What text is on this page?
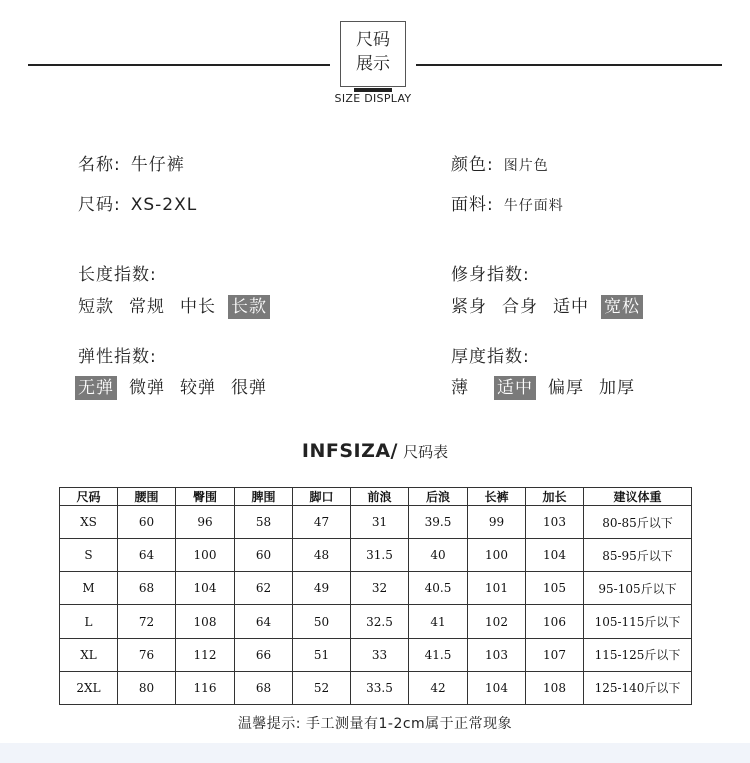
尺码
展示
SIZE DISPLAY
名称: 牛仔裤
尺码: XS-2XL
颜色: 图片色
面料: 牛仔面料
长度指数:
短款 常规 中长 长款
修身指数:
紧身 合身 适中 宽松
弹性指数:
无弹 微弹 较弹 很弹
厚度指数:
薄 适中 偏厚 加厚
INFSIZA/ 尺码表
尺码	腰围	臀围	脾围	脚口	前浪	后浪	长裤	加长	建议体重
XS	60	96	58	47	31	39.5	99	103	80-85斤以下
S	64	100	60	48	31.5	40	100	104	85-95斤以下
M	68	104	62	49	32	40.5	101	105	95-105斤以下
L	72	108	64	50	32.5	41	102	106	105-115斤以下
XL	76	112	66	51	33	41.5	103	107	115-125斤以下
2XL	80	116	68	52	33.5	42	104	108	125-140斤以下
温馨提示: 手工测量有1-2cm属于正常现象
